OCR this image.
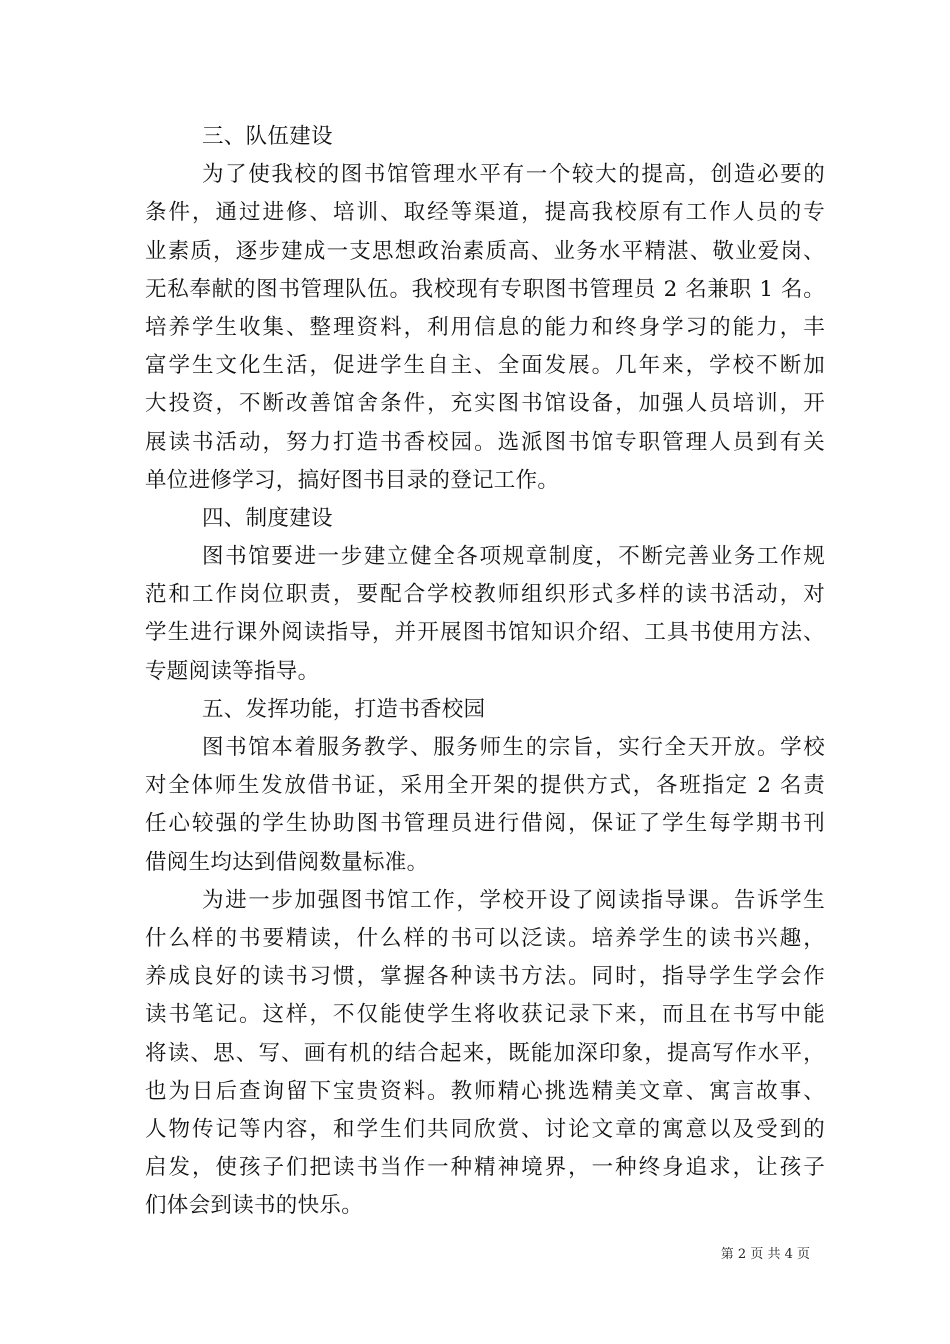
三、队伍建设
为了使我校的图书馆管理水平有一个较大的提高，创造必要的
条件，通过进修、培训、取经等渠道，提高我校原有工作人员的专
业素质，逐步建成一支思想政治素质高、业务水平精湛、敬业爱岗、
无私奉献的图书管理队伍。我校现有专职图书管理员 2 名兼职 1 名。
培养学生收集、整理资料，利用信息的能力和终身学习的能力，丰
富学生文化生活，促进学生自主、全面发展。几年来，学校不断加
大投资，不断改善馆舍条件，充实图书馆设备，加强人员培训，开
展读书活动，努力打造书香校园。选派图书馆专职管理人员到有关
单位进修学习，搞好图书目录的登记工作。
四、制度建设
图书馆要进一步建立健全各项规章制度，不断完善业务工作规
范和工作岗位职责，要配合学校教师组织形式多样的读书活动，对
学生进行课外阅读指导，并开展图书馆知识介绍、工具书使用方法、
专题阅读等指导。
五、发挥功能，打造书香校园
图书馆本着服务教学、服务师生的宗旨，实行全天开放。学校
对全体师生发放借书证，采用全开架的提供方式，各班指定 2 名责
任心较强的学生协助图书管理员进行借阅，保证了学生每学期书刊
借阅生均达到借阅数量标准。
为进一步加强图书馆工作，学校开设了阅读指导课。告诉学生
什么样的书要精读，什么样的书可以泛读。培养学生的读书兴趣，
养成良好的读书习惯，掌握各种读书方法。同时，指导学生学会作
读书笔记。这样，不仅能使学生将收获记录下来，而且在书写中能
将读、思、写、画有机的结合起来，既能加深印象，提高写作水平，
也为日后查询留下宝贵资料。教师精心挑选精美文章、寓言故事、
人物传记等内容，和学生们共同欣赏、讨论文章的寓意以及受到的
启发，使孩子们把读书当作一种精神境界，一种终身追求，让孩子
们体会到读书的快乐。
第 2 页 共 4 页
